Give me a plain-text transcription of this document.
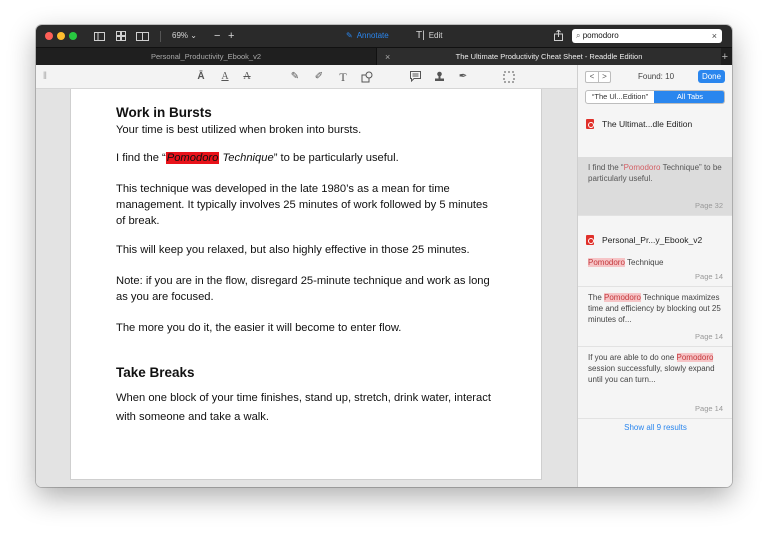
69% ⌄ − +	✎ Annotate	T| Edit	⌕ pomodoro	×
Personal_Productivity_Ebook_v2	×	The Ultimate Productivity Cheat Sheet - Readdle Edition	+
‖	Ā	A	A	✎ ✐ T	✒
Work in Bursts
Your time is best utilized when broken into bursts.
I find the “Pomodoro Technique” to be particularly useful.
This technique was developed in the late 1980’s as a mean for time management. It typically involves 25 minutes of work followed by 5 minutes of break.
This will keep you relaxed, but also highly effective in those 25 minutes.
Note: if you are in the flow, disregard 25-minute technique and work as long as you are focused.
The more you do it, the easier it will become to enter flow.
Take Breaks
When one block of your time finishes, stand up, stretch, drink water, interact with someone and take a walk.
< >	Found: 10	Done
“The Ul...Edition”	All Tabs
The Ultimat...dle Edition
I find the “Pomodoro Technique” to be particularly useful.
Page 32
Personal_Pr...y_Ebook_v2
Pomodoro Technique
Page 14
The Pomodoro Technique maximizes time and efficiency by blocking out 25 minutes of...
Page 14
If you are able to do one Pomodoro session successfully, slowly expand until you can turn...
Page 14
Show all 9 results
